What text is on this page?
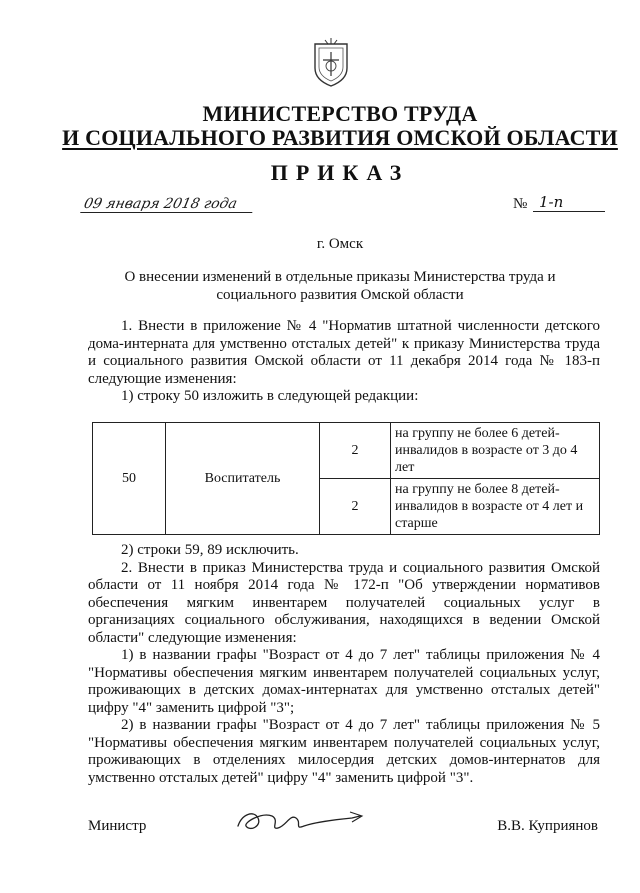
МИНИСТЕРСТВО ТРУДА
И СОЦИАЛЬНОГО РАЗВИТИЯ ОМСКОЙ ОБЛАСТИ
ПРИКАЗ
09 января 2018 года	№ 1-п
г. Омск
О внесении изменений в отдельные приказы Министерства труда и
социального развития Омской области

1. Внести в приложение № 4 "Норматив штатной численности детского дома-интерната для умственно отсталых детей" к приказу Министерства труда и социального развития Омской области от 11 декабря 2014 года № 183-п следующие изменения:

1) строку 50 изложить в следующей редакции:

50	Воспитатель	2	на группу не более 6 детей-инвалидов в возрасте от 3 до 4 лет
		2	на группу не более 8 детей-инвалидов в возрасте от 4 лет и старше

2) строки 59, 89 исключить.

2. Внести в приказ Министерства труда и социального развития Омской области от 11 ноября 2014 года № 172-п "Об утверждении нормативов обеспечения мягким инвентарем получателей социальных услуг в организациях социального обслуживания, находящихся в ведении Омской области" следующие изменения:

1) в названии графы "Возраст от 4 до 7 лет" таблицы приложения № 4 "Нормативы обеспечения мягким инвентарем получателей социальных услуг, проживающих в детских домах-интернатах для умственно отсталых детей" цифру "4" заменить цифрой "3";

2) в названии графы "Возраст от 4 до 7 лет" таблицы приложения № 5 "Нормативы обеспечения мягким инвентарем получателей социальных услуг, проживающих в отделениях милосердия детских домов-интернатов для умственно отсталых детей" цифру "4" заменить цифрой "3".

Министр	В.В. Куприянов
